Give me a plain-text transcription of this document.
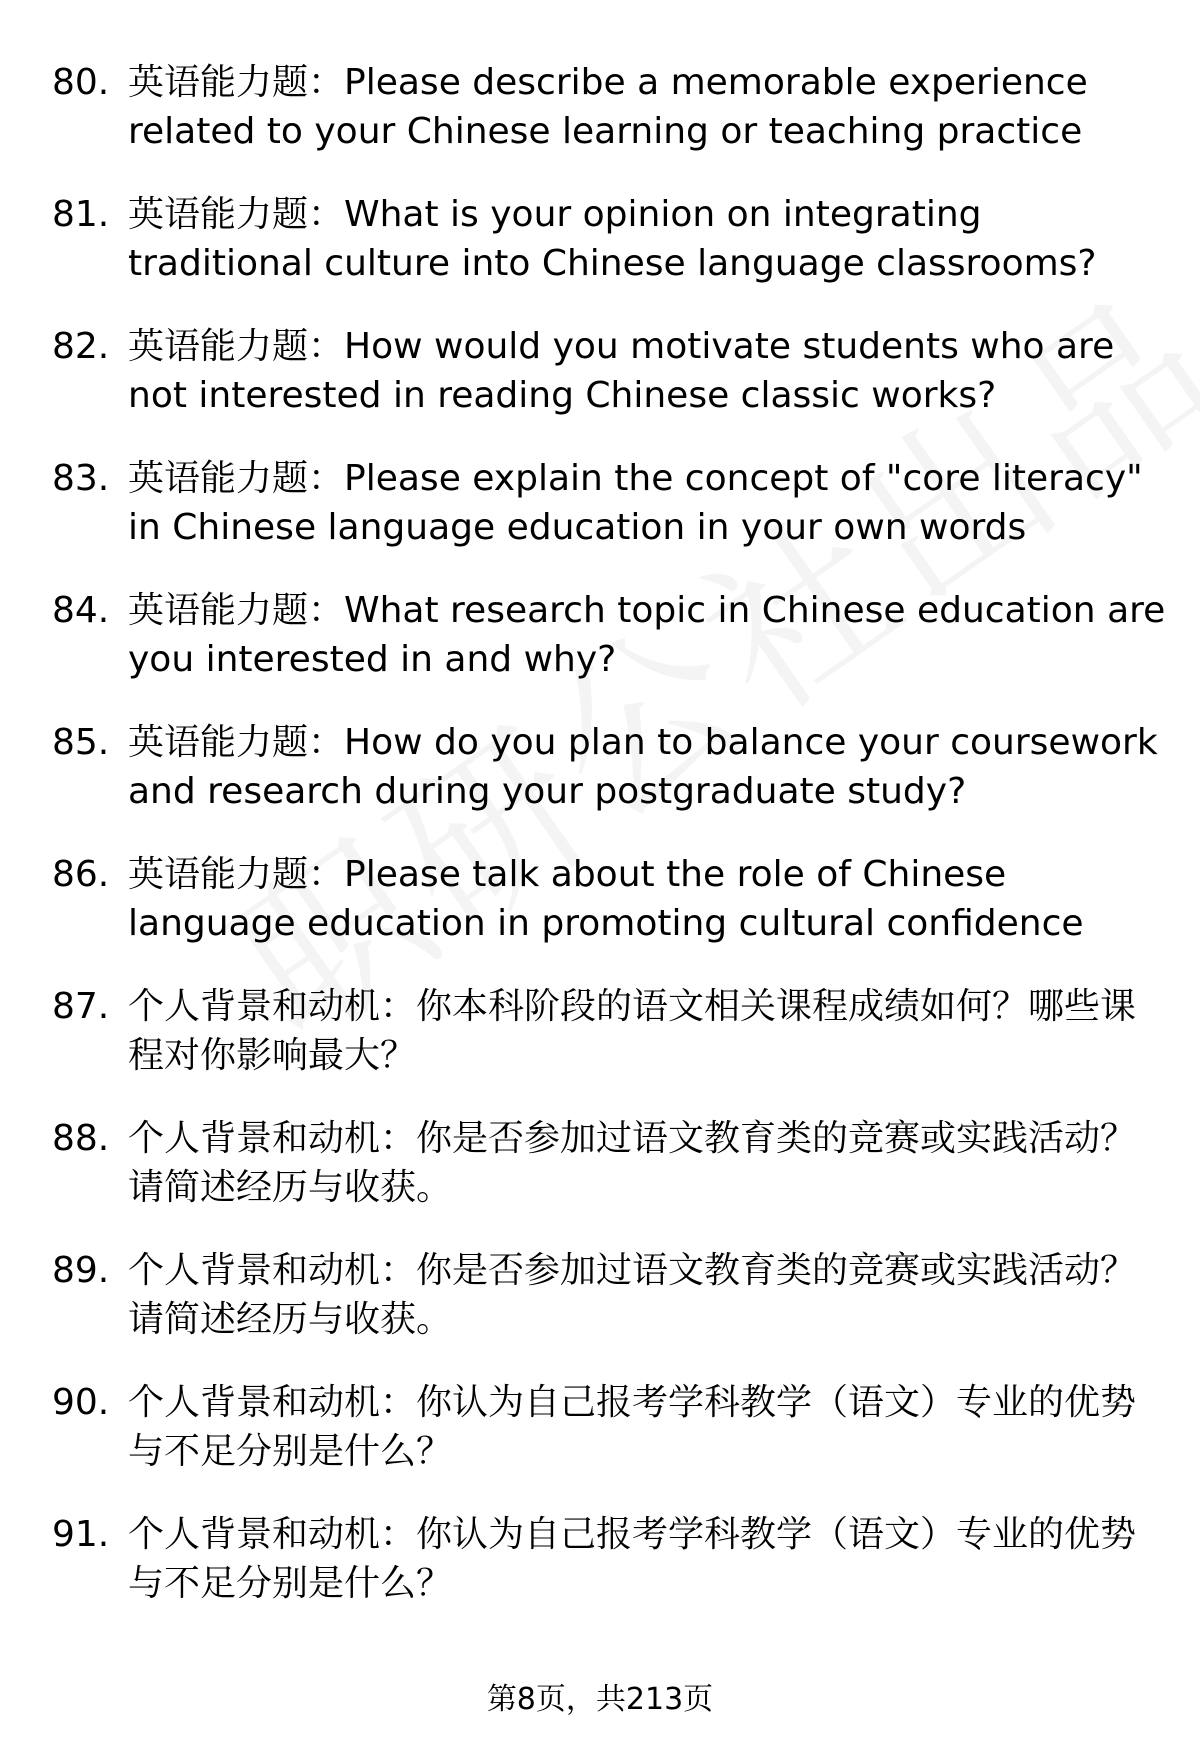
80. 英语能力题：Please describe a memorable experience related to your Chinese learning or teaching practice
81. 英语能力题：What is your opinion on integrating traditional culture into Chinese language classrooms?
82. 英语能力题：How would you motivate students who are not interested in reading Chinese classic works?
83. 英语能力题：Please explain the concept of "core literacy" in Chinese language education in your own words
84. 英语能力题：What research topic in Chinese education are you interested in and why?
85. 英语能力题：How do you plan to balance your coursework and research during your postgraduate study?
86. 英语能力题：Please talk about the role of Chinese language education in promoting cultural confidence
87. 个人背景和动机：你本科阶段的语文相关课程成绩如何？哪些课程对你影响最大？
88. 个人背景和动机：你是否参加过语文教育类的竞赛或实践活动？请简述经历与收获。
89. 个人背景和动机：你是否参加过语文教育类的竞赛或实践活动？请简述经历与收获。
90. 个人背景和动机：你认为自己报考学科教学（语文）专业的优势与不足分别是什么？
91. 个人背景和动机：你认为自己报考学科教学（语文）专业的优势与不足分别是什么？
第8页，共213页
